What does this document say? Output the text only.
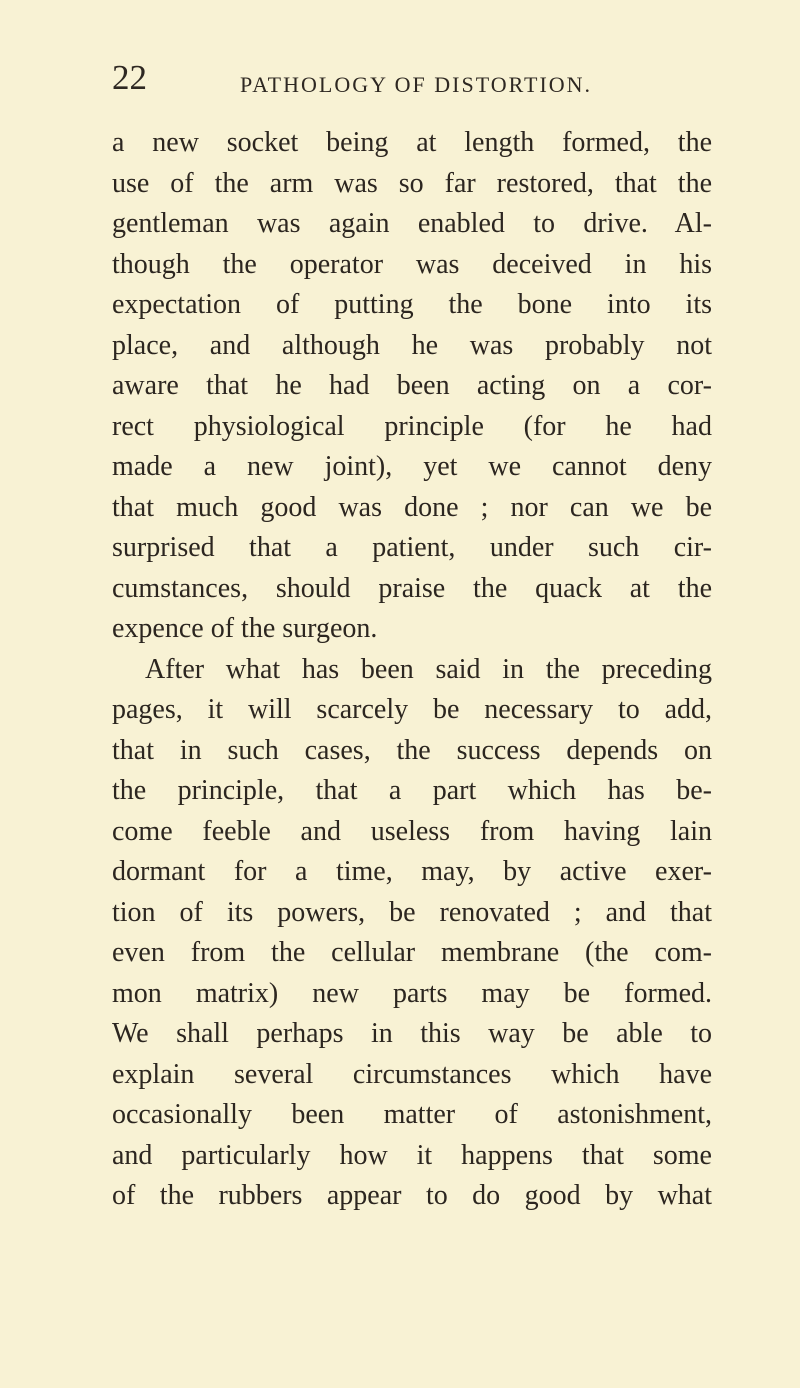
22	PATHOLOGY OF DISTORTION.
a new socket being at length formed, the
use of the arm was so far restored, that the
gentleman was again enabled to drive. Al-
though the operator was deceived in his
expectation of putting the bone into its
place, and although he was probably not
aware that he had been acting on a cor-
rect physiological principle (for he had
made a new joint), yet we cannot deny
that much good was done ; nor can we be
surprised that a patient, under such cir-
cumstances, should praise the quack at the
expence of the surgeon.
After what has been said in the preceding
pages, it will scarcely be necessary to add,
that in such cases, the success depends on
the principle, that a part which has be-
come feeble and useless from having lain
dormant for a time, may, by active exer-
tion of its powers, be renovated ; and that
even from the cellular membrane (the com-
mon matrix) new parts may be formed.
We shall perhaps in this way be able to
explain several circumstances which have
occasionally been matter of astonishment,
and particularly how it happens that some
of the rubbers appear to do good by what
